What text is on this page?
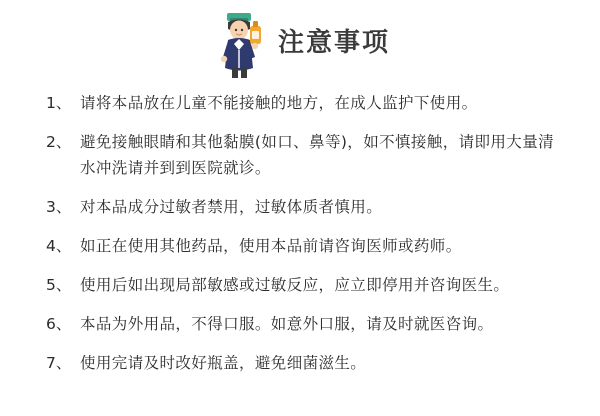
注意事项
1、 请将本品放在儿童不能接触的地方，在成人监护下使用。
2、 避免接触眼睛和其他黏膜(如口、鼻等)，如不慎接触，请即用大量清水冲洗请并到到医院就诊。
3、 对本品成分过敏者禁用，过敏体质者慎用。
4、 如正在使用其他药品，使用本品前请咨询医师或药师。
5、 使用后如出现局部敏感或过敏反应，应立即停用并咨询医生。
6、 本品为外用品，不得口服。如意外口服，请及时就医咨询。
7、 使用完请及时改好瓶盖，避免细菌滋生。
